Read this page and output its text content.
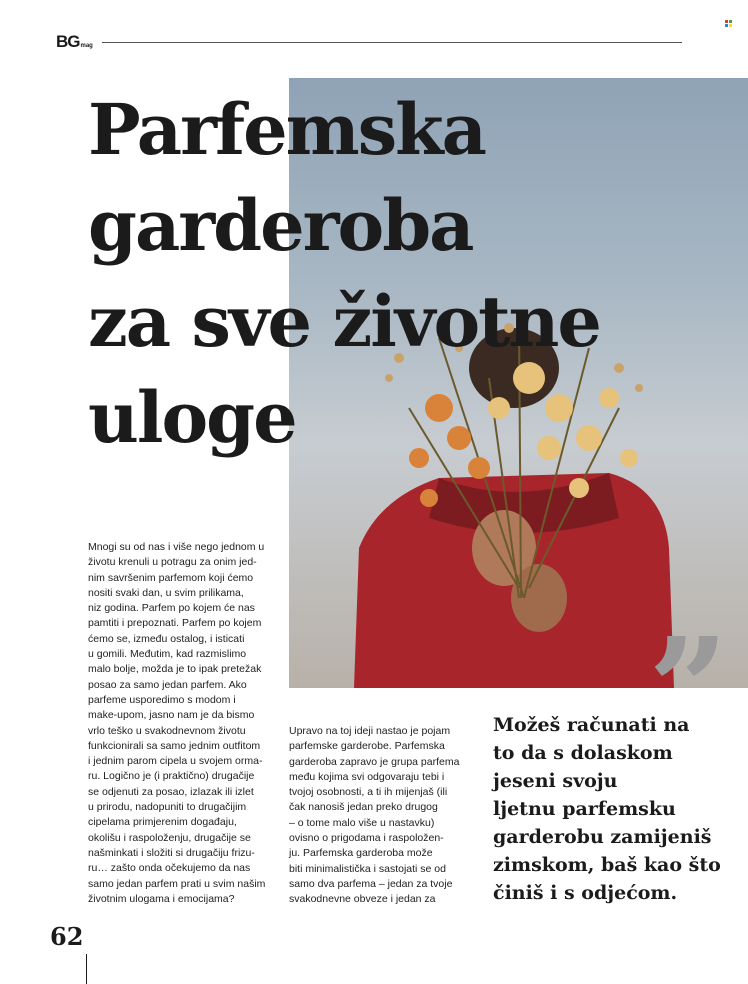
BGmag
Parfemska
garderoba
za sve životne
uloge

Mnogi su od nas i više nego jednom u
životu krenuli u potragu za onim jed-
nim savršenim parfemom koji ćemo
nositi svaki dan, u svim prilikama,
niz godina. Parfem po kojem će nas
pamtiti i prepoznati. Parfem po kojem
ćemo se, između ostalog, i isticati
u gomili. Međutim, kad razmislimo
malo bolje, možda je to ipak pretežak
posao za samo jedan parfem. Ako
parfeme usporedimo s modom i
make-upom, jasno nam je da bismo
vrlo teško u svakodnevnom životu
funkcionirali sa samo jednim outfitom
i jednim parom cipela u svojem orma-
ru. Logično je (i praktično) drugačije
se odjenuti za posao, izlazak ili izlet
u prirodu, nadopuniti to drugačijim
cipelama primjerenim događaju,
okolišu i raspoloženju, drugačije se
našminkati i složiti si drugačiju frizu-
ru… zašto onda očekujemo da nas
samo jedan parfem prati u svim našim
životnim ulogama i emocijama?

Upravo na toj ideji nastao je pojam
parfemske garderobe. Parfemska
garderoba zapravo je grupa parfema
među kojima svi odgovaraju tebi i
tvojoj osobnosti, a ti ih mijenjaš (ili
čak nanosiš jedan preko drugog
– o tome malo više u nastavku)
ovisno o prigodama i raspoložen-
ju. Parfemska garderoba može
biti minimalistička i sastojati se od
samo dva parfema – jedan za tvoje
svakodnevne obveze i jedan za

”

Možeš računati na
to da s dolaskom
jeseni svoju
ljetnu parfemsku
garderobu zamijeniš
zimskom, baš kao što
činiš i s odjećom.

62
